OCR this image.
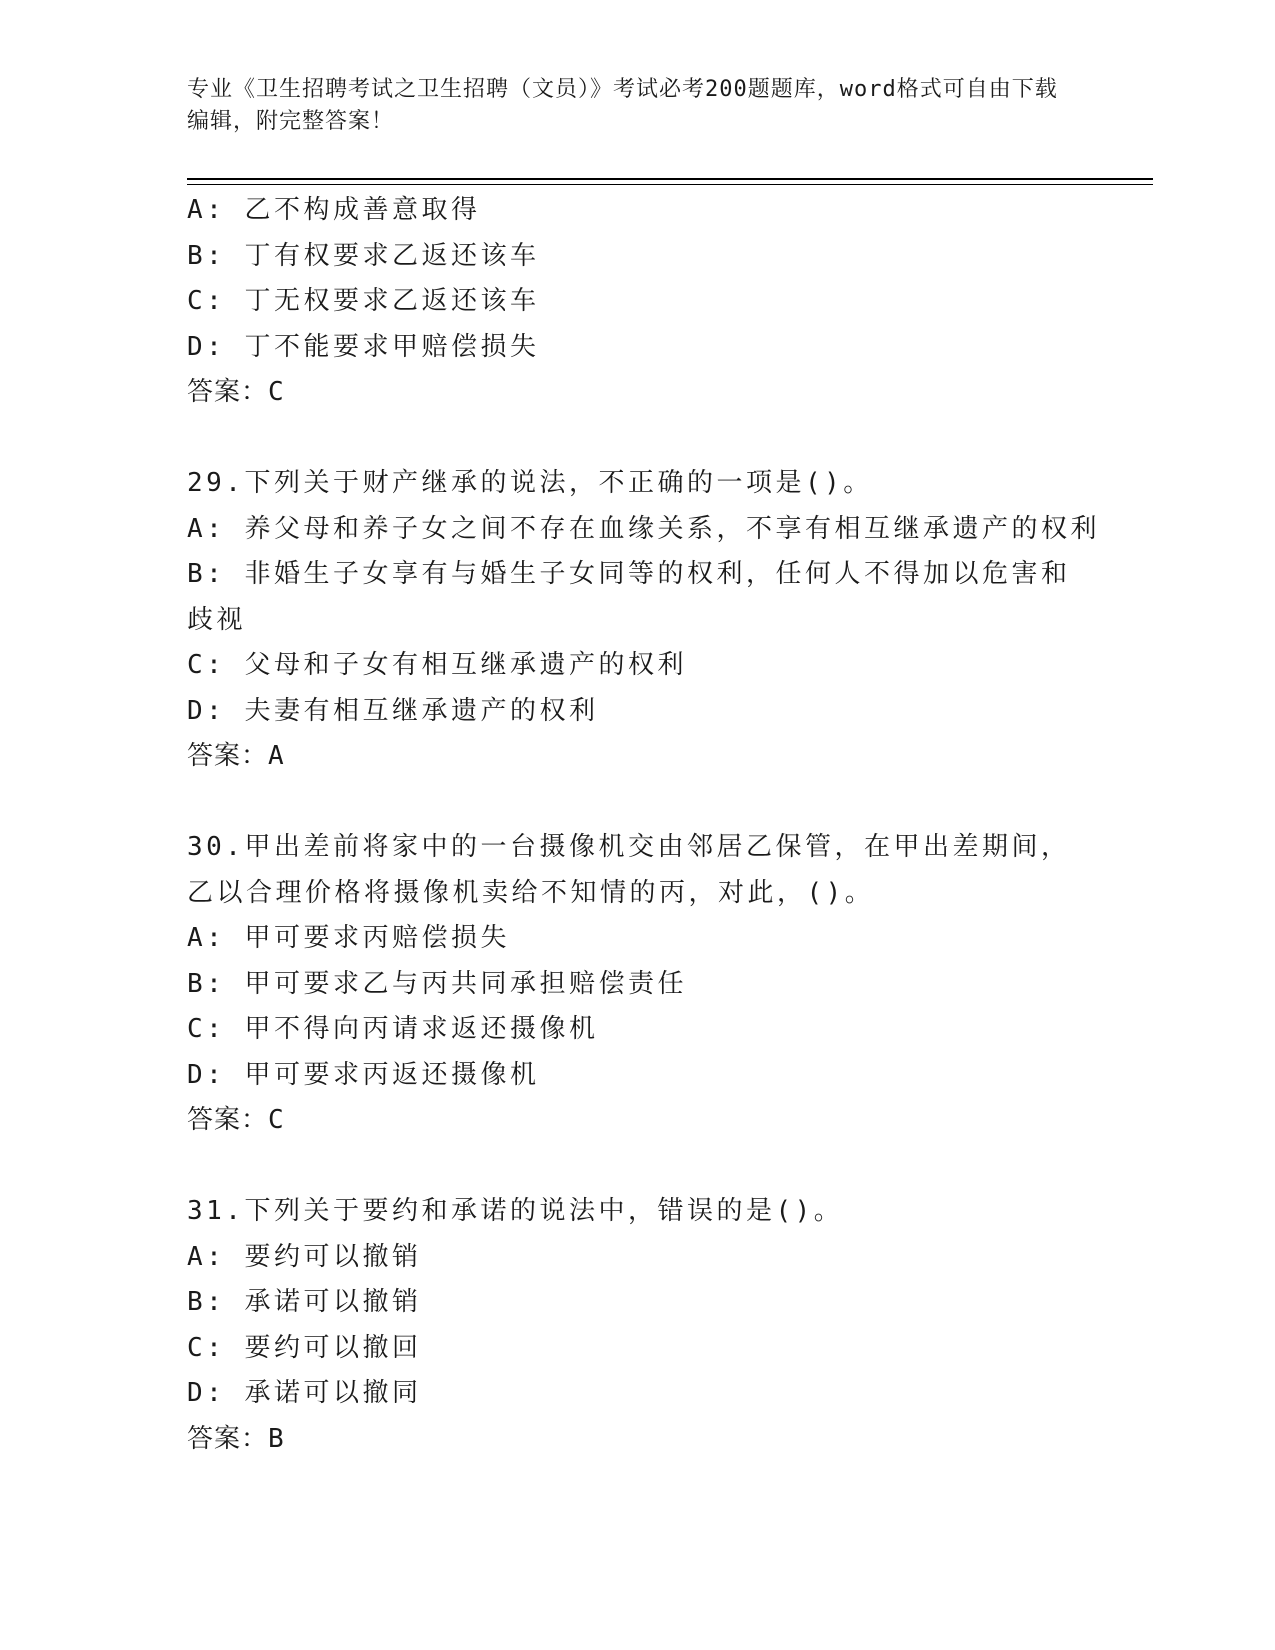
专业《卫生招聘考试之卫生招聘（文员）》考试必考200题题库，word格式可自由下载编辑，附完整答案！
A: 乙不构成善意取得
B: 丁有权要求乙返还该车
C: 丁无权要求乙返还该车
D: 丁不能要求甲赔偿损失
答案：C
29.下列关于财产继承的说法，不正确的一项是()。
A: 养父母和养子女之间不存在血缘关系，不享有相互继承遗产的权利
B: 非婚生子女享有与婚生子女同等的权利，任何人不得加以危害和歧视
C: 父母和子女有相互继承遗产的权利
D: 夫妻有相互继承遗产的权利
答案：A
30.甲出差前将家中的一台摄像机交由邻居乙保管，在甲出差期间，乙以合理价格将摄像机卖给不知情的丙，对此，()。
A: 甲可要求丙赔偿损失
B: 甲可要求乙与丙共同承担赔偿责任
C: 甲不得向丙请求返还摄像机
D: 甲可要求丙返还摄像机
答案：C
31.下列关于要约和承诺的说法中，错误的是()。
A: 要约可以撤销
B: 承诺可以撤销
C: 要约可以撤回
D: 承诺可以撤同
答案：B
